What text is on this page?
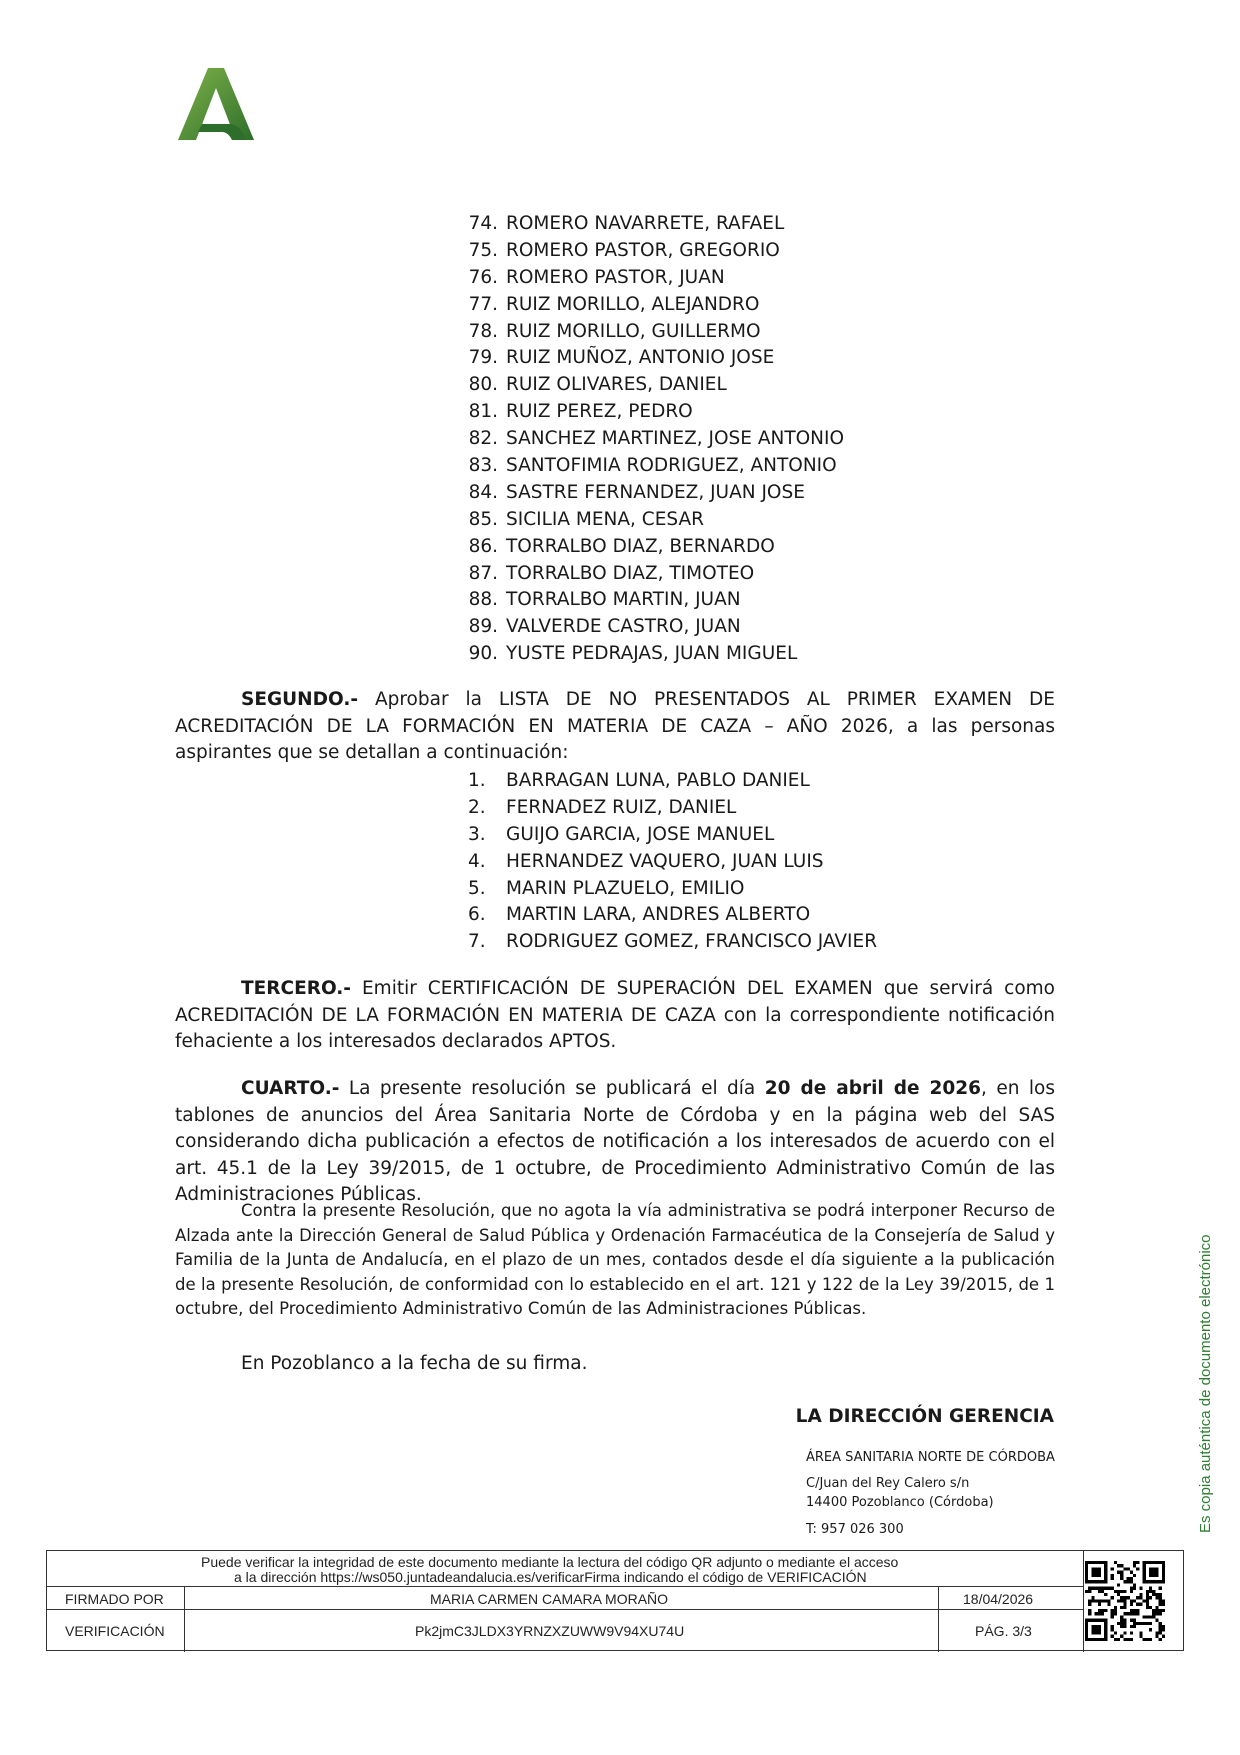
74. ROMERO NAVARRETE, RAFAEL
75. ROMERO PASTOR, GREGORIO
76. ROMERO PASTOR, JUAN
77. RUIZ MORILLO, ALEJANDRO
78. RUIZ MORILLO, GUILLERMO
79. RUIZ MUÑOZ, ANTONIO JOSE
80. RUIZ OLIVARES, DANIEL
81. RUIZ PEREZ, PEDRO
82. SANCHEZ MARTINEZ, JOSE ANTONIO
83. SANTOFIMIA RODRIGUEZ, ANTONIO
84. SASTRE FERNANDEZ, JUAN JOSE
85. SICILIA MENA, CESAR
86. TORRALBO DIAZ, BERNARDO
87. TORRALBO DIAZ, TIMOTEO
88. TORRALBO MARTIN, JUAN
89. VALVERDE CASTRO, JUAN
90. YUSTE PEDRAJAS, JUAN MIGUEL

SEGUNDO.- Aprobar la LISTA DE NO PRESENTADOS AL PRIMER EXAMEN DE ACREDITACIÓN DE LA FORMACIÓN EN MATERIA DE CAZA – AÑO 2026, a las personas aspirantes que se detallan a continuación:

1. BARRAGAN LUNA, PABLO DANIEL
2. FERNADEZ RUIZ, DANIEL
3. GUIJO GARCIA, JOSE MANUEL
4. HERNANDEZ VAQUERO, JUAN LUIS
5. MARIN PLAZUELO, EMILIO
6. MARTIN LARA, ANDRES ALBERTO
7. RODRIGUEZ GOMEZ, FRANCISCO JAVIER

TERCERO.- Emitir CERTIFICACIÓN DE SUPERACIÓN DEL EXAMEN que servirá como ACREDITACIÓN DE LA FORMACIÓN EN MATERIA DE CAZA con la correspondiente notificación fehaciente a los interesados declarados APTOS.

CUARTO.- La presente resolución se publicará el día 20 de abril de 2026, en los tablones de anuncios del Área Sanitaria Norte de Córdoba y en la página web del SAS considerando dicha publicación a efectos de notificación a los interesados de acuerdo con el art. 45.1 de la Ley 39/2015, de 1 octubre, de Procedimiento Administrativo Común de las Administraciones Públicas.

Contra la presente Resolución, que no agota la vía administrativa se podrá interponer Recurso de Alzada ante la Dirección General de Salud Pública y Ordenación Farmacéutica de la Consejería de Salud y Familia de la Junta de Andalucía, en el plazo de un mes, contados desde el día siguiente a la publicación de la presente Resolución, de conformidad con lo establecido en el art. 121 y 122 de la Ley 39/2015, de 1 octubre, del Procedimiento Administrativo Común de las Administraciones Públicas.

En Pozoblanco a la fecha de su firma.

LA DIRECCIÓN GERENCIA

ÁREA SANITARIA NORTE DE CÓRDOBA

C/Juan del Rey Calero s/n

14400 Pozoblanco (Córdoba)

T: 957 026 300	Es copia auténtica de documento electrónico
Puede verificar la integridad de este documento mediante la lectura del código QR adjunto o mediante el acceso
a la dirección https://ws050.juntadeandalucia.es/verificarFirma indicando el código de VERIFICACIÓN
FIRMADO POR	MARIA CARMEN CAMARA MORAÑO	18/04/2026
VERIFICACIÓN	Pk2jmC3JLDX3YRNZXZUWW9V94XU74U	PÁG. 3/3
